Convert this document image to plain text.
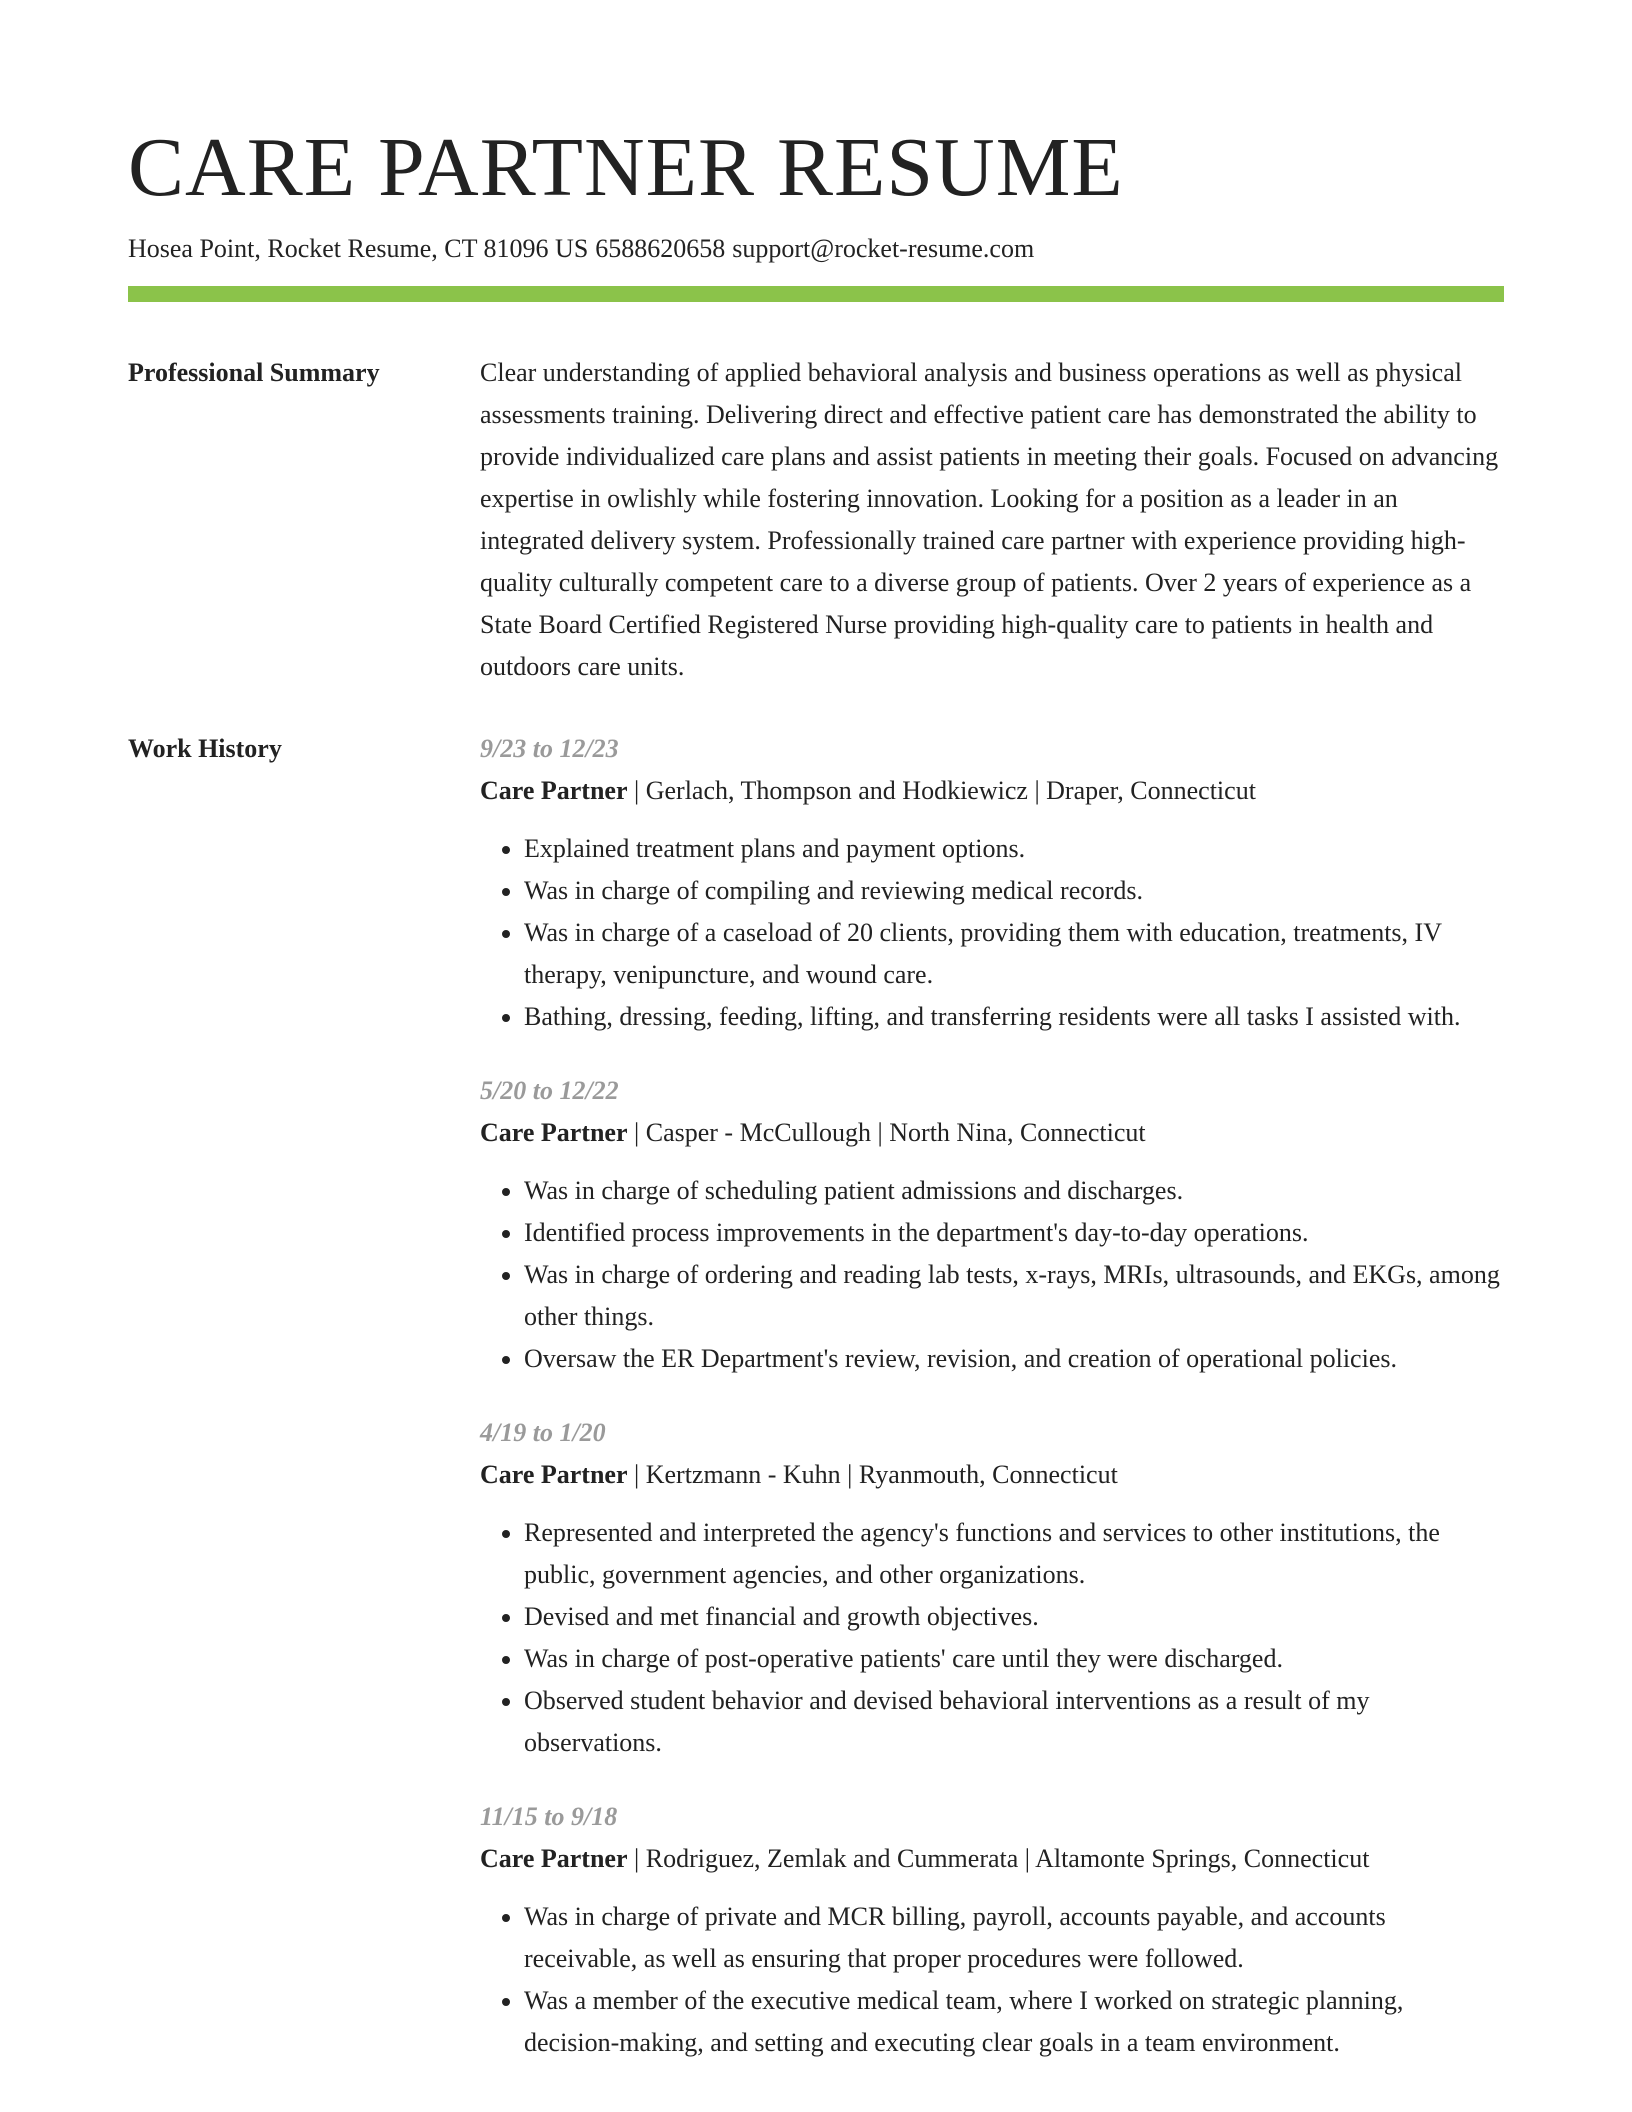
CARE PARTNER RESUME
Hosea Point, Rocket Resume, CT 81096 US 6588620658 support@rocket-resume.com
Professional Summary	Clear understanding of applied behavioral analysis and business operations as well as physical assessments training. Delivering direct and effective patient care has demonstrated the ability to provide individualized care plans and assist patients in meeting their goals. Focused on advancing expertise in owlishly while fostering innovation. Looking for a position as a leader in an integrated delivery system. Professionally trained care partner with experience providing high-quality culturally competent care to a diverse group of patients. Over 2 years of experience as a State Board Certified Registered Nurse providing high-quality care to patients in health and outdoors care units.
Work History	9/23 to 12/23
Care Partner | Gerlach, Thompson and Hodkiewicz | Draper, Connecticut
• Explained treatment plans and payment options.
• Was in charge of compiling and reviewing medical records.
• Was in charge of a caseload of 20 clients, providing them with education, treatments, IV therapy, venipuncture, and wound care.
• Bathing, dressing, feeding, lifting, and transferring residents were all tasks I assisted with.
5/20 to 12/22
Care Partner | Casper - McCullough | North Nina, Connecticut
• Was in charge of scheduling patient admissions and discharges.
• Identified process improvements in the department's day-to-day operations.
• Was in charge of ordering and reading lab tests, x-rays, MRIs, ultrasounds, and EKGs, among other things.
• Oversaw the ER Department's review, revision, and creation of operational policies.
4/19 to 1/20
Care Partner | Kertzmann - Kuhn | Ryanmouth, Connecticut
• Represented and interpreted the agency's functions and services to other institutions, the public, government agencies, and other organizations.
• Devised and met financial and growth objectives.
• Was in charge of post-operative patients' care until they were discharged.
• Observed student behavior and devised behavioral interventions as a result of my observations.
11/15 to 9/18
Care Partner | Rodriguez, Zemlak and Cummerata | Altamonte Springs, Connecticut
• Was in charge of private and MCR billing, payroll, accounts payable, and accounts receivable, as well as ensuring that proper procedures were followed.
• Was a member of the executive medical team, where I worked on strategic planning, decision-making, and setting and executing clear goals in a team environment.
